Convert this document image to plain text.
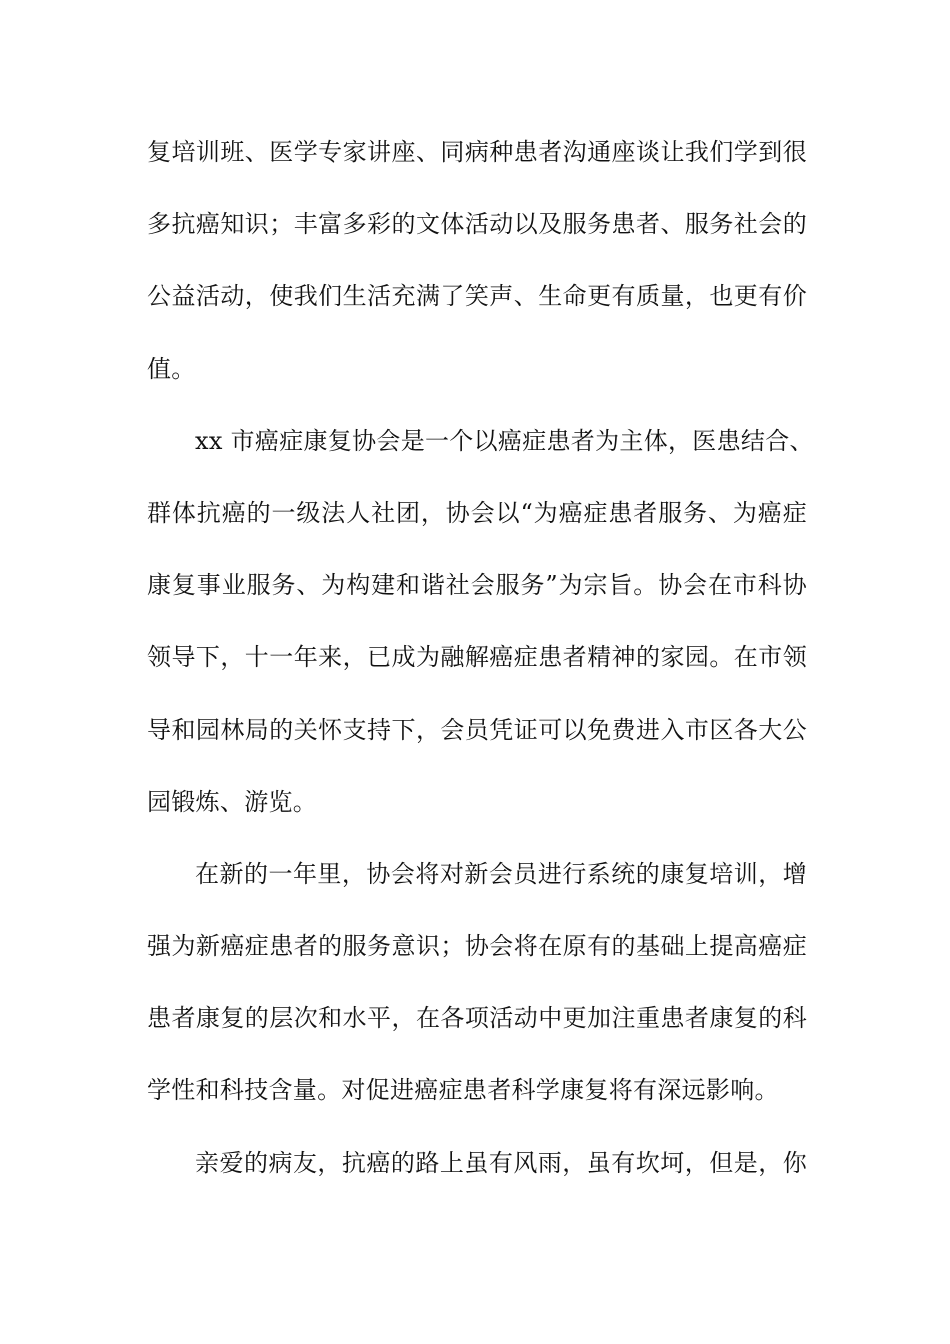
复培训班、医学专家讲座、同病种患者沟通座谈让我们学到很
多抗癌知识；丰富多彩的文体活动以及服务患者、服务社会的
公益活动，使我们生活充满了笑声、生命更有质量，也更有价
值。
xx 市癌症康复协会是一个以癌症患者为主体，医患结合、
群体抗癌的一级法人社团，协会以“为癌症患者服务、为癌症
康复事业服务、为构建和谐社会服务”为宗旨。协会在市科协
领导下，十一年来，已成为融解癌症患者精神的家园。在市领
导和园林局的关怀支持下，会员凭证可以免费进入市区各大公
园锻炼、游览。
在新的一年里，协会将对新会员进行系统的康复培训，增
强为新癌症患者的服务意识；协会将在原有的基础上提高癌症
患者康复的层次和水平，在各项活动中更加注重患者康复的科
学性和科技含量。对促进癌症患者科学康复将有深远影响。
亲爱的病友，抗癌的路上虽有风雨，虽有坎坷，但是，你
